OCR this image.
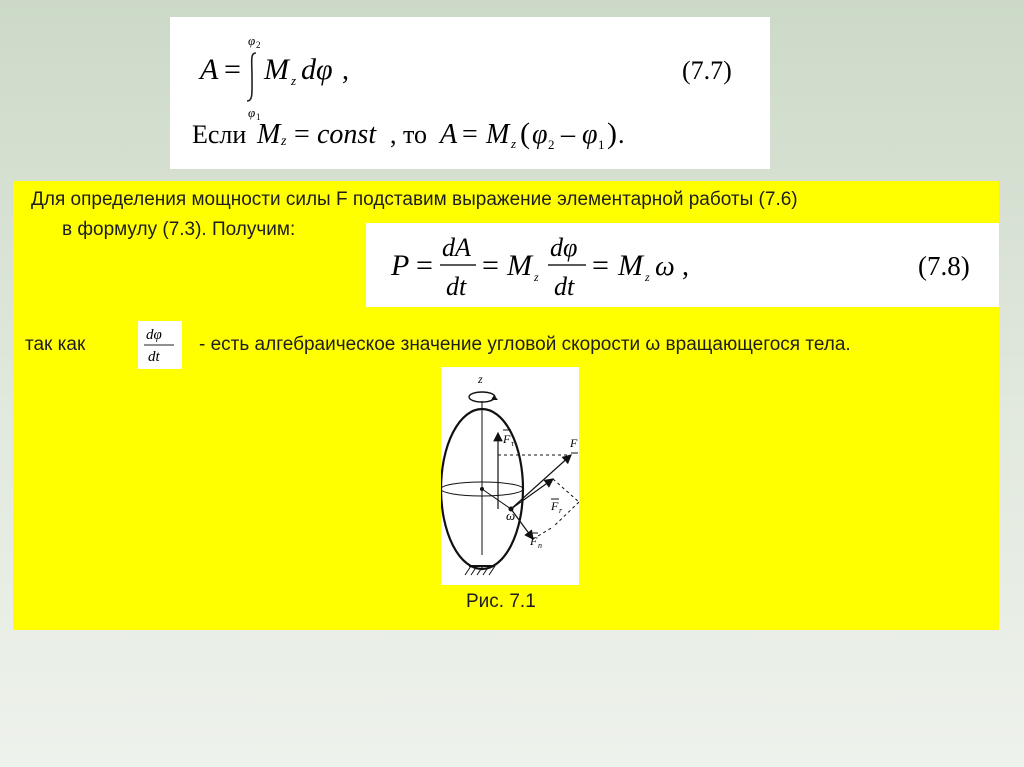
A =
φ 2
φ 1
M z dφ ,	(7.7)
Если M z = const , то A = M z ( φ 2 – φ 1 ) .
Для определения мощности силы F подставим выражение элементарной работы (7.6)
в формулу (7.3). Получим:
P =
dA
dt
= M z
dφ
dt
= M z ω ,	(7.8)
так как	dφ
dt
- есть алгебраическое значение угловой скорости ω вращающегося тела.
z
F
F τ
F r
F n
ω
Рис. 7.1
